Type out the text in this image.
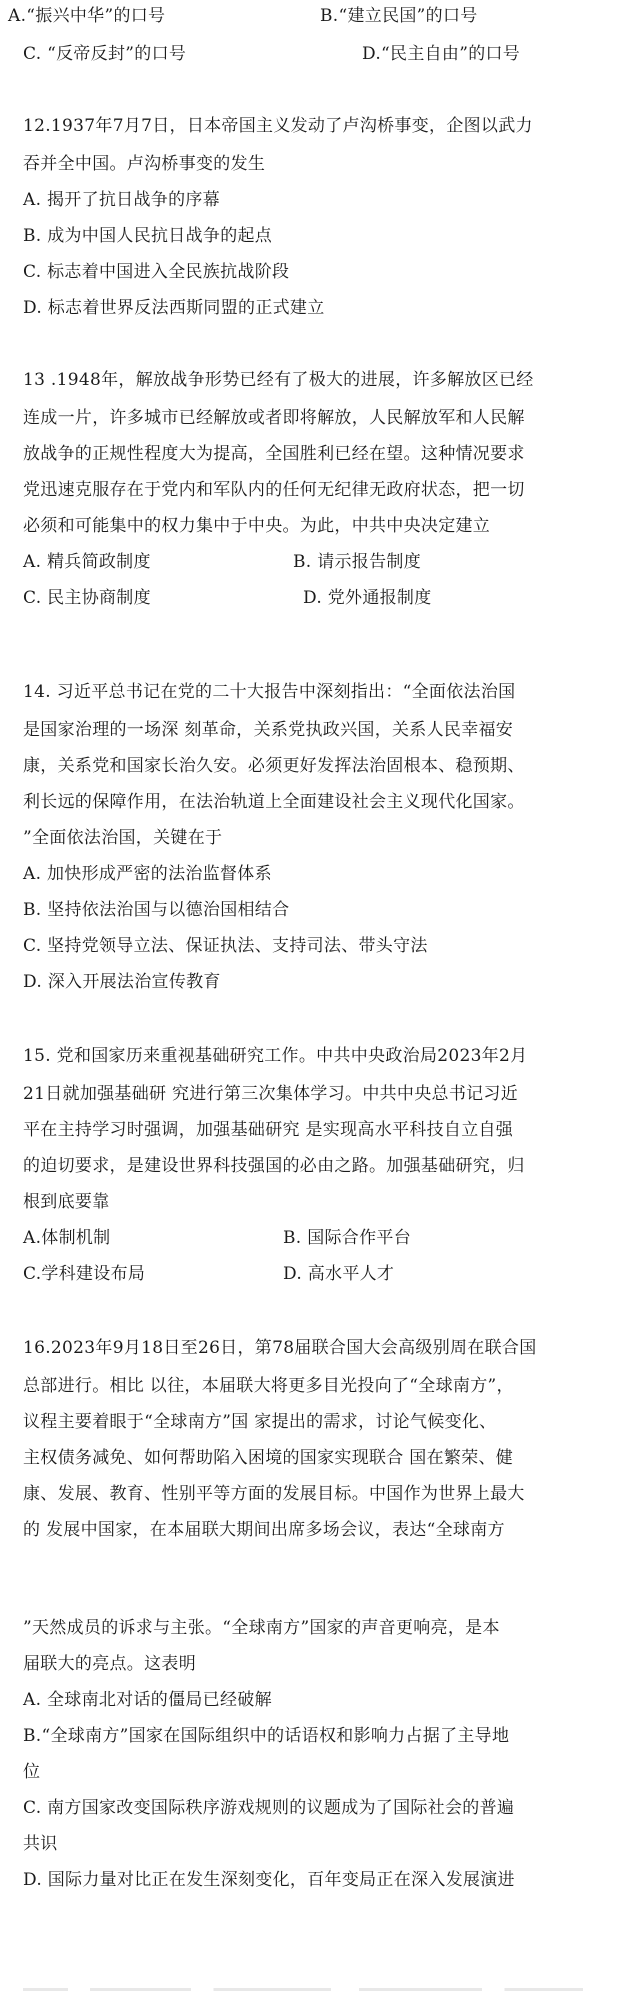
A.“振兴中华”的口号	B.“建立民国”的口号
C. “反帝反封”的口号	D.“民主自由”的口号
12.1937年7月7日，日本帝国主义发动了卢沟桥事变，企图以武力
吞并全中国。卢沟桥事变的发生
A. 揭开了抗日战争的序幕
B. 成为中国人民抗日战争的起点
C. 标志着中国进入全民族抗战阶段
D. 标志着世界反法西斯同盟的正式建立
13 .1948年，解放战争形势已经有了极大的进展，许多解放区已经
连成一片，许多城市已经解放或者即将解放，人民解放军和人民解
放战争的正规性程度大为提高，全国胜利已经在望。这种情况要求
党迅速克服存在于党内和军队内的任何无纪律无政府状态，把一切
必须和可能集中的权力集中于中央。为此，中共中央决定建立
A. 精兵简政制度	B. 请示报告制度
C. 民主协商制度	D. 党外通报制度
14. 习近平总书记在党的二十大报告中深刻指出：“全面依法治国
是国家治理的一场深 刻革命，关系党执政兴国，关系人民幸福安
康，关系党和国家长治久安。必须更好发挥法治固根本、稳预期、
利长远的保障作用，在法治轨道上全面建设社会主义现代化国家。
”全面依法治国，关键在于
A. 加快形成严密的法治监督体系
B. 坚持依法治国与以德治国相结合
C. 坚持党领导立法、保证执法、支持司法、带头守法
D. 深入开展法治宣传教育
15. 党和国家历来重视基础研究工作。中共中央政治局2023年2月
21日就加强基础研 究进行第三次集体学习。中共中央总书记习近
平在主持学习时强调，加强基础研究 是实现高水平科技自立自强
的迫切要求，是建设世界科技强国的必由之路。加强基础研究，归
根到底要靠
A.体制机制	B. 国际合作平台
C.学科建设布局	D. 高水平人才
16.2023年9月18日至26日，第78届联合国大会高级别周在联合国
总部进行。相比 以往，本届联大将更多目光投向了“全球南方”，
议程主要着眼于“全球南方”国 家提出的需求，讨论气候变化、
主权债务减免、如何帮助陷入困境的国家实现联合 国在繁荣、健
康、发展、教育、性别平等方面的发展目标。中国作为世界上最大
的 发展中国家，在本届联大期间出席多场会议，表达“全球南方
”天然成员的诉求与主张。“全球南方”国家的声音更响亮，是本
届联大的亮点。这表明
A. 全球南北对话的僵局已经破解
B.“全球南方”国家在国际组织中的话语权和影响力占据了主导地
位
C. 南方国家改变国际秩序游戏规则的议题成为了国际社会的普遍
共识
D. 国际力量对比正在发生深刻变化，百年变局正在深入发展演进
